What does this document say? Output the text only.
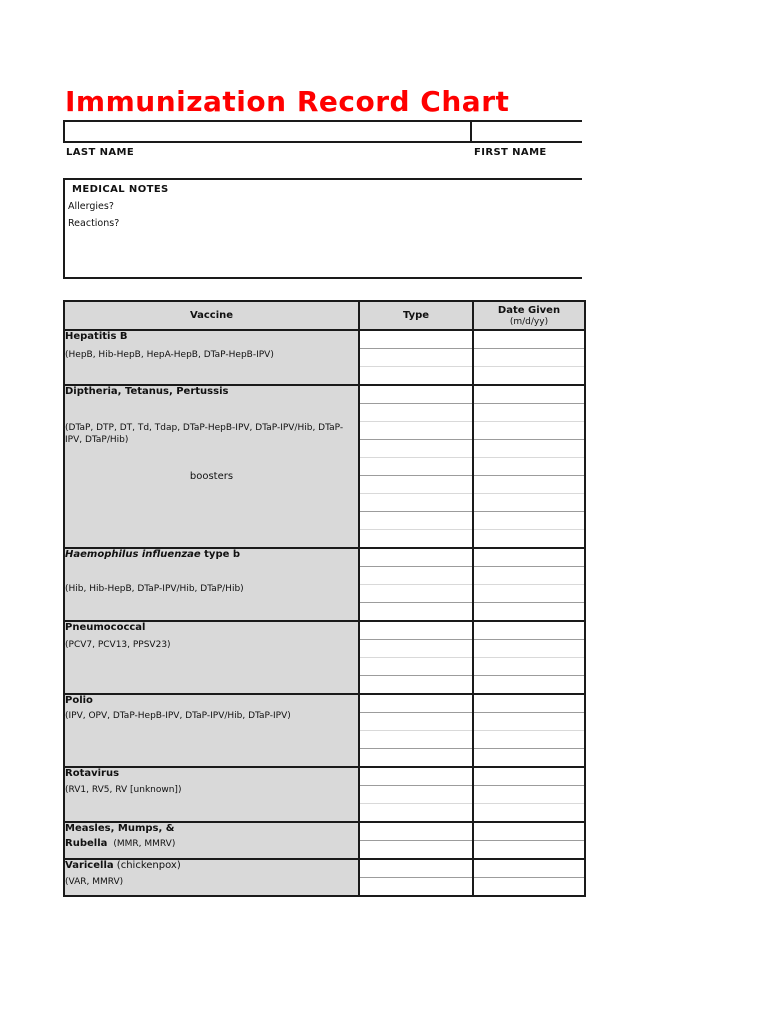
Immunization Record Chart
LAST NAME	FIRST NAME
MEDICAL NOTES
Allergies?
Reactions?
Vaccine	Type	Date Given
(m/d/yy)

Hepatitis B
(HepB, Hib-HepB, HepA-HepB, DTaP-HepB-IPV)		

Diptheria, Tetanus, Pertussis
(DTaP, DTP, DT, Td, Tdap, DTaP-HepB-IPV, DTaP-IPV/Hib, DTaP-IPV, DTaP/Hib)
boosters		

Haemophilus influenzae type b
(Hib, Hib-HepB, DTaP-IPV/Hib, DTaP/Hib)		

Pneumococcal
(PCV7, PCV13, PPSV23)		

Polio
(IPV, OPV, DTaP-HepB-IPV, DTaP-IPV/Hib, DTaP-IPV)		

Rotavirus
(RV1, RV5, RV [unknown])		

Measles, Mumps, &
Rubella (MMR, MMRV)		

Varicella (chickenpox)
(VAR, MMRV)		
